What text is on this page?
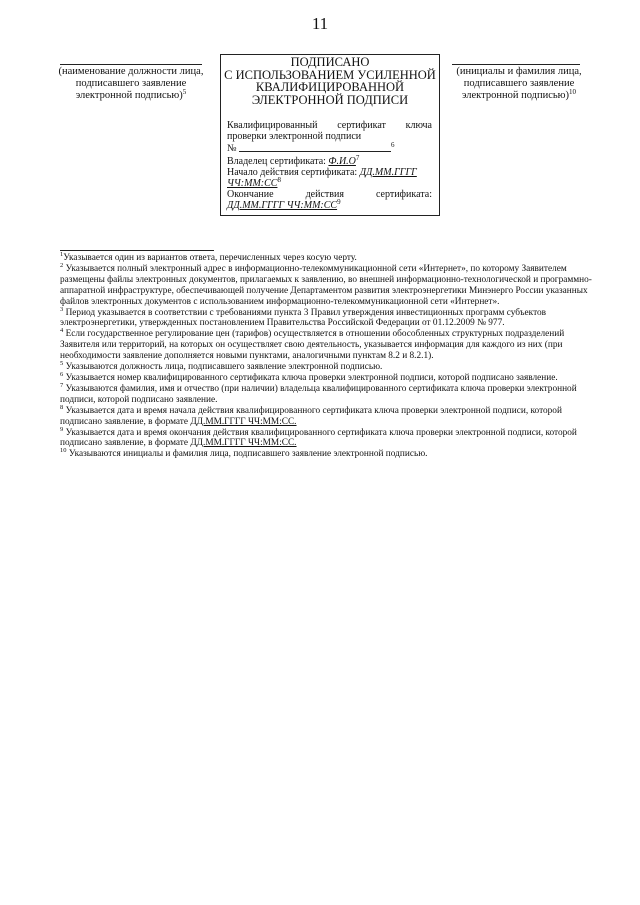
11
(наименование должности лица, подписавшего заявление электронной подписью)$^5$
ПОДПИСАНО
С ИСПОЛЬЗОВАНИЕМ УСИЛЕННОЙ
КВАЛИФИЦИРОВАННОЙ
ЭЛЕКТРОННОЙ ПОДПИСИ
Квалифицированный сертификат ключа
проверки электронной подписи
№	$^6$
Владелец сертификата: $Ф.И.О^7$
Начало действия сертификата: ДД.ММ.ГГГГ
$ЧЧ:ММ:СС^8$
Окончание действия сертификата:
ДД.ММ.ГГГГ $ЧЧ:ММ:СС^9$
(инициалы и фамилия лица, подписавшего заявление электронной подписью)$^{10}$

$^1$Указывается один из вариантов ответа, перечисленных через косую черту.

$^2$ Указывается полный электронный адрес в информационно-телекоммуникационной сети «Интернет», по которому Заявителем размещены файлы электронных документов, прилагаемых к заявлению, во внешней информационно-технологической и программно-аппаратной инфраструктуре, обеспечивающей получение Департаментом развития электроэнергетики Минэнерго России указанных файлов электронных документов с использованием информационно-телекоммуникационной сети «Интернет».

$^3$ Период указывается в соответствии с требованиями пункта 3 Правил утверждения инвестиционных программ субъектов электроэнергетики, утвержденных постановлением Правительства Российской Федерации от 01.12.2009 № 977.

$^4$ Если государственное регулирование цен (тарифов) осуществляется в отношении обособленных структурных подразделений Заявителя или территорий, на которых он осуществляет свою деятельность, указывается информация для каждого из них (при необходимости заявление дополняется новыми пунктами, аналогичными пунктам 8.2 и 8.2.1).

$^5$ Указываются должность лица, подписавшего заявление электронной подписью.

$^6$ Указывается номер квалифицированного сертификата ключа проверки электронной подписи, которой подписано заявление.

$^7$ Указываются фамилия, имя и отчество (при наличии) владельца квалифицированного сертификата ключа проверки электронной подписи, которой подписано заявление.

$^8$ Указывается дата и время начала действия квалифицированного сертификата ключа проверки электронной подписи, которой подписано заявление, в формате ДД.ММ.ГГГГ ЧЧ:ММ:СС.

$^9$ Указывается дата и время окончания действия квалифицированного сертификата ключа проверки электронной подписи, которой подписано заявление, в формате ДД.ММ.ГГГГ ЧЧ:ММ:СС.

$^{10}$ Указываются инициалы и фамилия лица, подписавшего заявление электронной подписью.
